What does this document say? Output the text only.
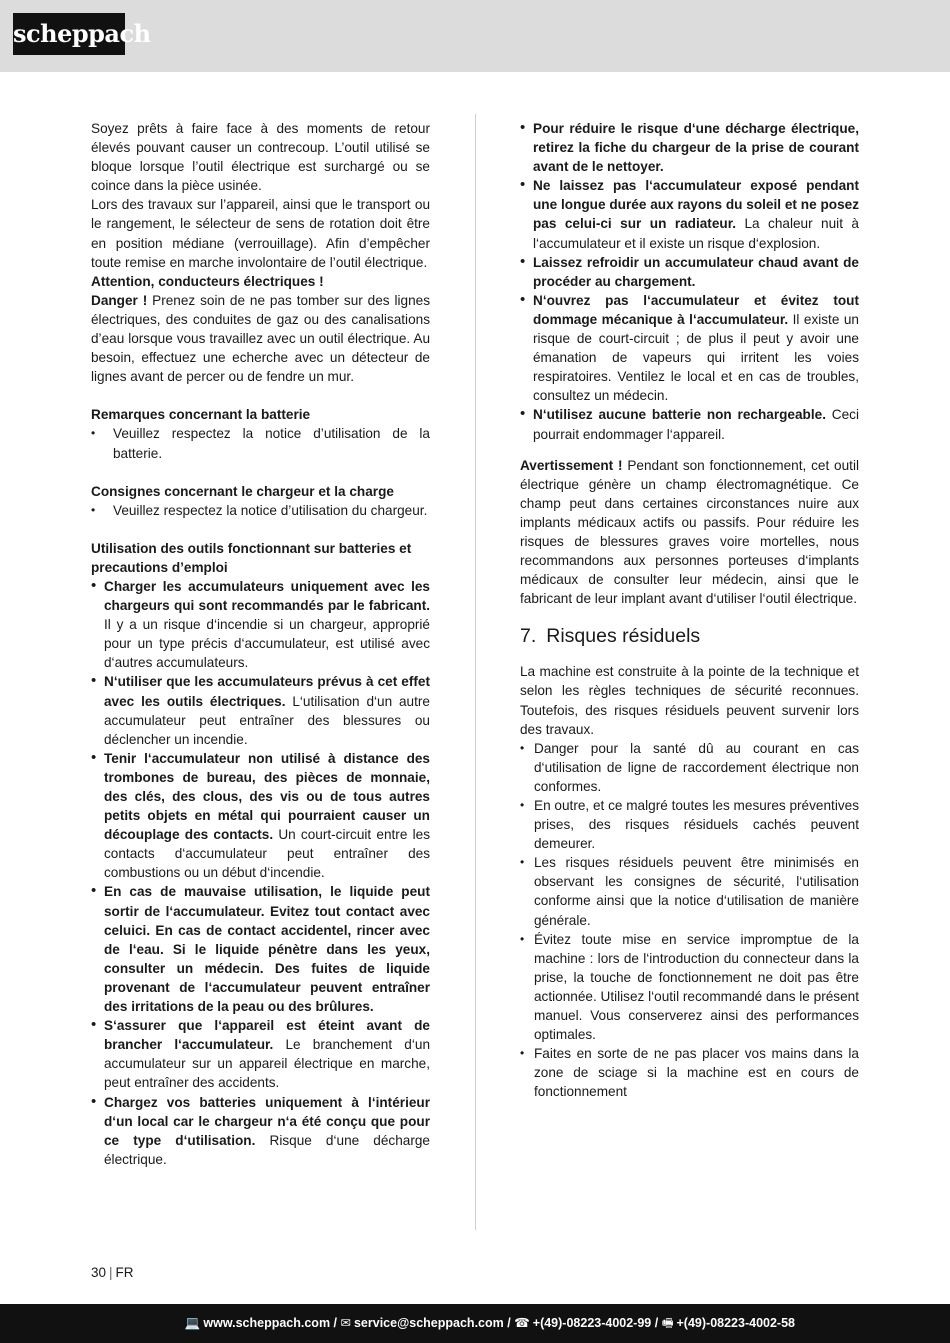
scheppach

Soyez prêts à faire face à des moments de retour élevés pouvant causer un contrecoup. L’outil utilisé se bloque lorsque l’outil électrique est surchargé ou se coince dans la pièce usinée.

Lors des travaux sur l’appareil, ainsi que le transport ou le rangement, le sélecteur de sens de rotation doit être en position médiane (verrouillage). Afin d’empêcher toute remise en marche involontaire de l’outil électrique.

Attention, conducteurs électriques !

Danger ! Prenez soin de ne pas tomber sur des lignes électriques, des conduites de gaz ou des canalisations d’eau lorsque vous travaillez avec un outil électrique. Au besoin, effectuez une echerche avec un détecteur de lignes avant de percer ou de fendre un mur.

Remarques concernant la batterie

• Veuillez respectez la notice d’utilisation de la batterie.

Consignes concernant le chargeur et la charge

• Veuillez respectez la notice d’utilisation du chargeur.

Utilisation des outils fonctionnant sur batteries et precautions d’emploi

• Charger les accumulateurs uniquement avec les chargeurs qui sont recommandés par le fabricant. Il y a un risque d‘incendie si un chargeur, approprié pour un type précis d‘accumulateur, est utilisé avec d‘autres accumulateurs.
• N‘utiliser que les accumulateurs prévus à cet effet avec les outils électriques. L‘utilisation d‘un autre accumulateur peut entraîner des blessures ou déclencher un incendie.
• Tenir l‘accumulateur non utilisé à distance des trombones de bureau, des pièces de monnaie, des clés, des clous, des vis ou de tous autres petits objets en métal qui pourraient causer un découplage des contacts. Un court-circuit entre les contacts d‘accumulateur peut entraîner des combustions ou un début d‘incendie.
• En cas de mauvaise utilisation, le liquide peut sortir de l‘accumulateur. Evitez tout contact avec celuici. En cas de contact accidentel, rincer avec de l‘eau. Si le liquide pénètre dans les yeux, consulter un médecin. Des fuites de liquide provenant de l‘accumulateur peuvent entraîner des irritations de la peau ou des brûlures.
• S‘assurer que l‘appareil est éteint avant de brancher l‘accumulateur. Le branchement d‘un accumulateur sur un appareil électrique en marche, peut entraîner des accidents.
• Chargez vos batteries uniquement à l‘intérieur d‘un local car le chargeur n‘a été conçu que pour ce type d‘utilisation. Risque d‘une décharge électrique.
• Pour réduire le risque d‘une décharge électrique, retirez la fiche du chargeur de la prise de courant avant de le nettoyer.
• Ne laissez pas l‘accumulateur exposé pendant une longue durée aux rayons du soleil et ne posez pas celui-ci sur un radiateur. La chaleur nuit à l‘accumulateur et il existe un risque d‘explosion.
• Laissez refroidir un accumulateur chaud avant de procéder au chargement.
• N‘ouvrez pas l‘accumulateur et évitez tout dommage mécanique à l‘accumulateur. Il existe un risque de court-circuit ; de plus il peut y avoir une émanation de vapeurs qui irritent les voies respiratoires. Ventilez le local et en cas de troubles, consultez un médecin.
• N‘utilisez aucune batterie non rechargeable. Ceci pourrait endommager l‘appareil.

Avertissement ! Pendant son fonctionnement, cet outil électrique génère un champ électromagnétique. Ce champ peut dans certaines circonstances nuire aux implants médicaux actifs ou passifs. Pour réduire les risques de blessures graves voire mortelles, nous recommandons aux personnes porteuses d‘implants médicaux de consulter leur médecin, ainsi que le fabricant de leur implant avant d‘utiliser l‘outil électrique.

7. Risques résiduels

La machine est construite à la pointe de la technique et selon les règles techniques de sécurité reconnues. Toutefois, des risques résiduels peuvent survenir lors des travaux.

• Danger pour la santé dû au courant en cas d‘utilisation de ligne de raccordement électrique non conformes.
• En outre, et ce malgré toutes les mesures préventives prises, des risques résiduels cachés peuvent demeurer.
• Les risques résiduels peuvent être minimisés en observant les consignes de sécurité, l‘utilisation conforme ainsi que la notice d‘utilisation de manière générale.
• Évitez toute mise en service impromptue de la machine : lors de l‘introduction du connecteur dans la prise, la touche de fonctionnement ne doit pas être actionnée. Utilisez l‘outil recommandé dans le présent manuel. Vous conserverez ainsi des performances optimales.
• Faites en sorte de ne pas placer vos mains dans la zone de sciage si la machine est en cours de fonctionnement
30 | FR
💻 www.scheppach.com / ✉ service@scheppach.com / ☎ +(49)-08223-4002-99 / 🖷 +(49)-08223-4002-58
